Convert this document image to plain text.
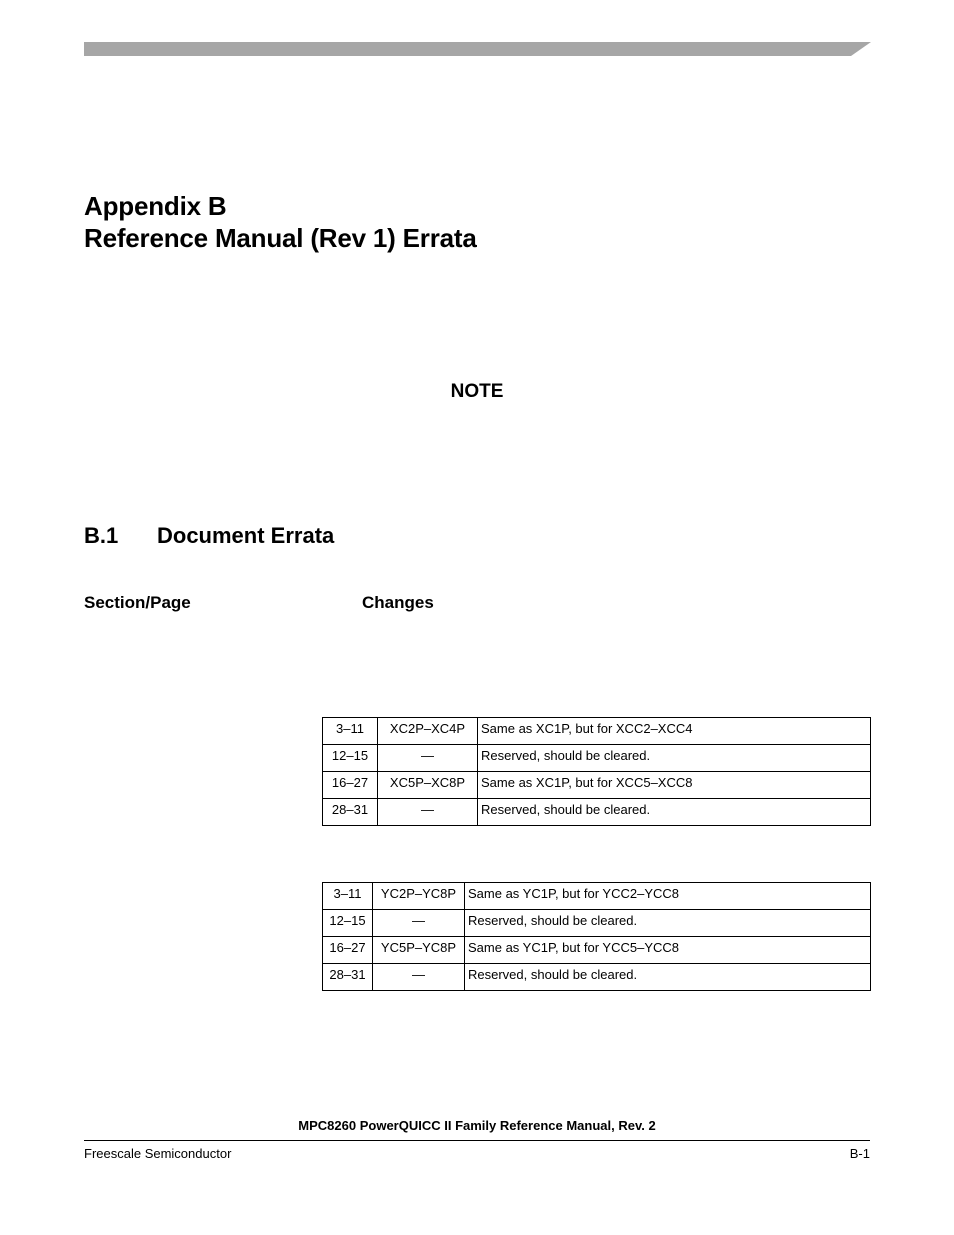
Appendix B
Reference Manual (Rev 1) Errata
NOTE
B.1 Document Errata
Section/Page	Changes
3–11	XC2P–XC4P	Same as XC1P, but for XCC2–XCC4
12–15	—	Reserved, should be cleared.
16–27	XC5P–XC8P	Same as XC1P, but for XCC5–XCC8
28–31	—	Reserved, should be cleared.
3–11	YC2P–YC8P	Same as YC1P, but for YCC2–YCC8
12–15	—	Reserved, should be cleared.
16–27	YC5P–YC8P	Same as YC1P, but for YCC5–YCC8
28–31	—	Reserved, should be cleared.
MPC8260 PowerQUICC II Family Reference Manual, Rev. 2
Freescale Semiconductor	B-1
